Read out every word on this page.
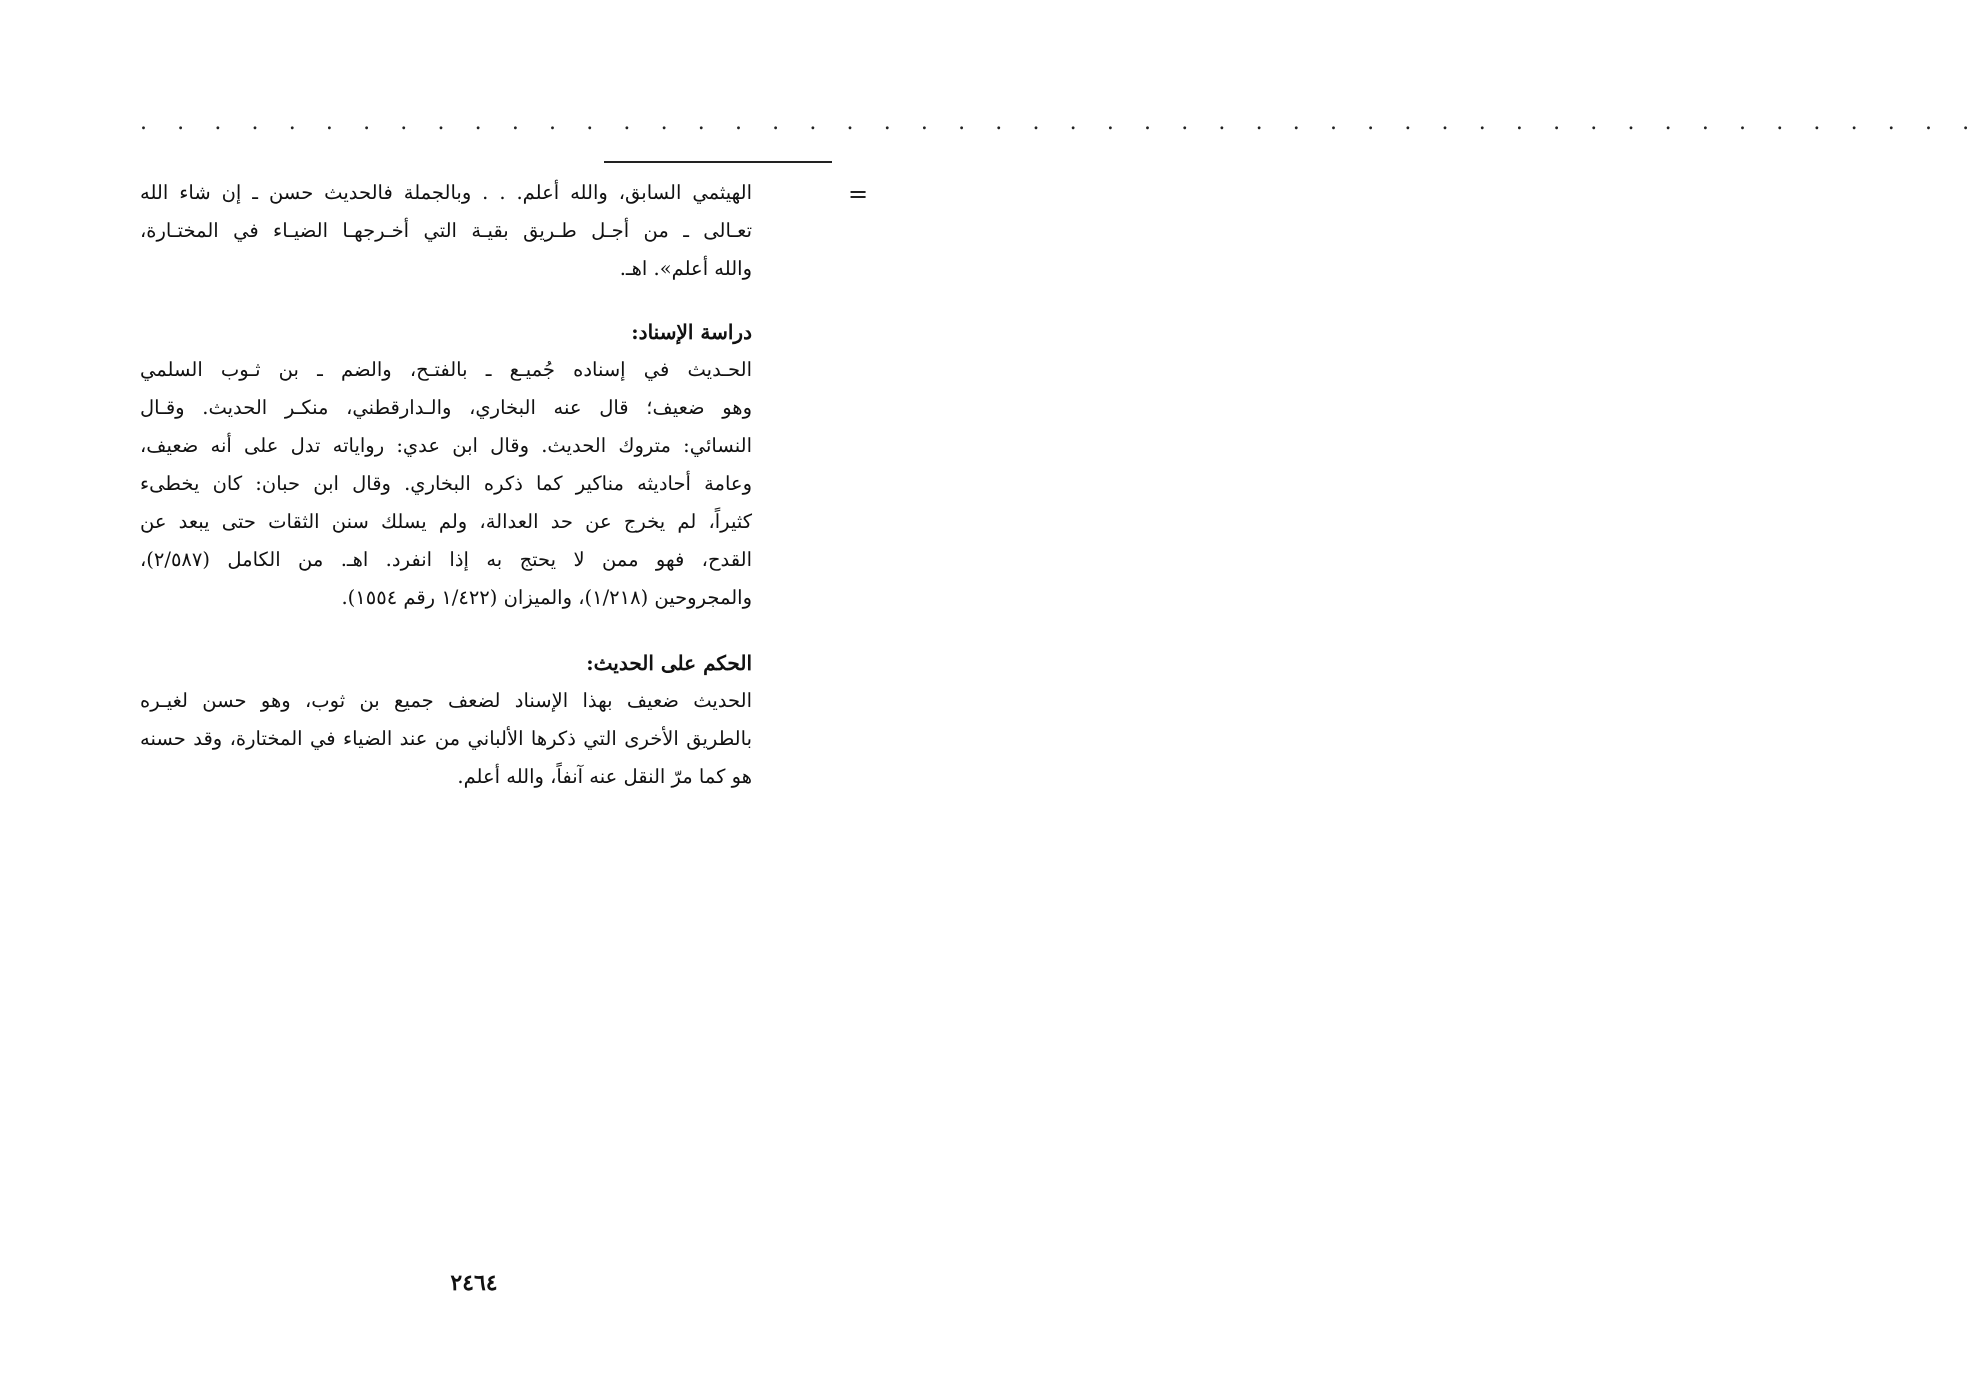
. . . . . . . . . . . . . . . . . . . . . . . . . . . . . . . . . . . . . . . . . . . . . . . . . .
=
الهيثمي السابق، والله أعلم. . . وبالجملة فالحديث حسن ـ إن شاء الله
تعـالى ـ من أجـل طـريق بقيـة التي أخـرجهـا الضيـاء في المختـارة،
والله أعلم». اهـ.
دراسة الإسناد:
الحـديث في إسناده جُميـع ـ بالفتـح، والضم ـ بن ثـوب السلمي
وهو ضعيف؛ قال عنه البخاري، والـدارقطني، منكـر الحديث. وقـال
النسائي: متروك الحديث. وقال ابن عدي: رواياته تدل على أنه ضعيف،
وعامة أحاديثه مناكير كما ذكره البخاري. وقال ابن حبان: كان يخطىء
كثيراً، لم يخرج عن حد العدالة، ولم يسلك سنن الثقات حتى يبعد عن
القدح، فهو ممن لا يحتج به إذا انفرد. اهـ. من الكامل (٢/٥٨٧)،
والمجروحين (١/٢١٨)، والميزان (١/٤٢٢ رقم ١٥٥٤).
الحكم على الحديث:
الحديث ضعيف بهذا الإسناد لضعف جميع بن ثوب، وهو حسن لغيـره
بالطريق الأخرى التي ذكرها الألباني من عند الضياء في المختارة، وقد حسنه
هو كما مرّ النقل عنه آنفاً، والله أعلم.
٢٤٦٤
